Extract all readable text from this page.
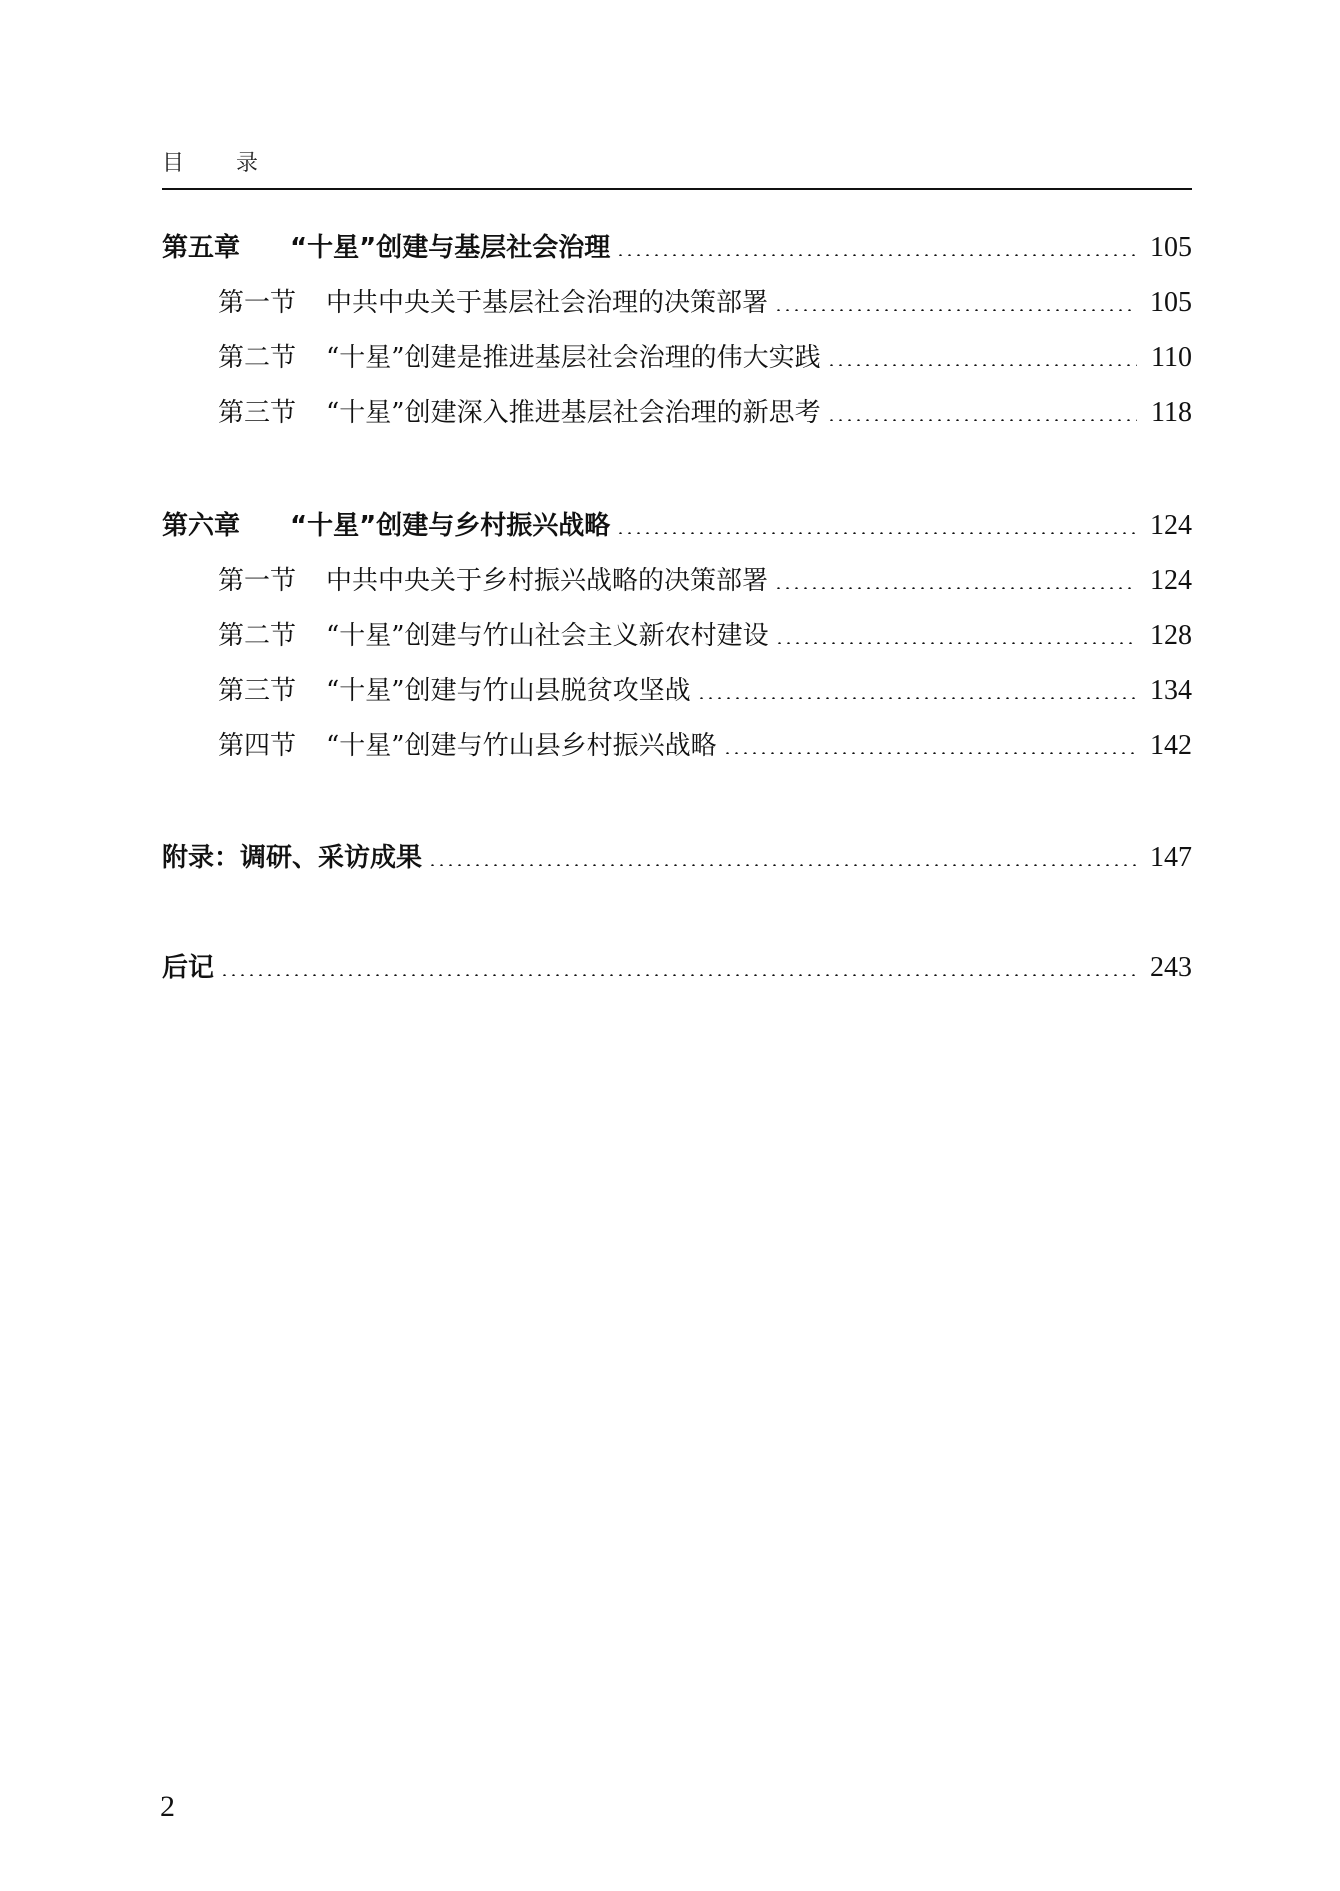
目 录
第五章 “十星”创建与基层社会治理	105
第一节 中共中央关于基层社会治理的决策部署	105
第二节 “十星”创建是推进基层社会治理的伟大实践	110
第三节 “十星”创建深入推进基层社会治理的新思考	118
第六章 “十星”创建与乡村振兴战略	124
第一节 中共中央关于乡村振兴战略的决策部署	124
第二节 “十星”创建与竹山社会主义新农村建设	128
第三节 “十星”创建与竹山县脱贫攻坚战	134
第四节 “十星”创建与竹山县乡村振兴战略	142
附录：调研、采访成果	147
后记	243
2
